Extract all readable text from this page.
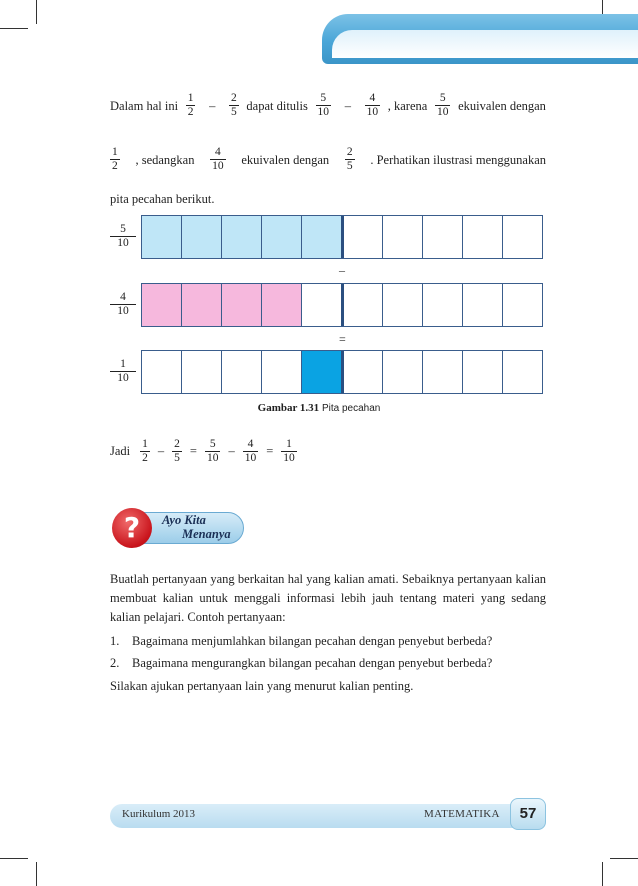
Dalam hal ini $\frac{1}{2} - \frac{2}{5}$ dapat ditulis $\frac{5}{10} - \frac{4}{10}$ , karena $\frac{5}{10}$ ekuivalen dengan
$\frac{1}{2}$ , sedangkan $\frac{4}{10}$ ekuivalen dengan $\frac{2}{5}$ . Perhatikan ilustrasi menggunakan
pita pecahan berikut.
$\frac{5}{10}$
–
$\frac{4}{10}$
=
$\frac{1}{10}$
Gambar 1.31 Pita pecahan
Jadi $\frac{1}{2} - \frac{2}{5} = \frac{5}{10} - \frac{4}{10} = \frac{1}{10}$
?	Ayo Kita
Menanya
Buatlah pertanyaan yang berkaitan hal yang kalian amati. Sebaiknya pertanyaan kalian membuat kalian untuk menggali informasi lebih jauh tentang materi yang sedang kalian pelajari. Contoh pertanyaan:
1.	Bagaimana menjumlahkan bilangan pecahan dengan penyebut berbeda?
2.	Bagaimana mengurangkan bilangan pecahan dengan penyebut berbeda?
Silakan ajukan pertanyaan lain yang menurut kalian penting.
Kurikulum 2013	MATEMATIKA	57
